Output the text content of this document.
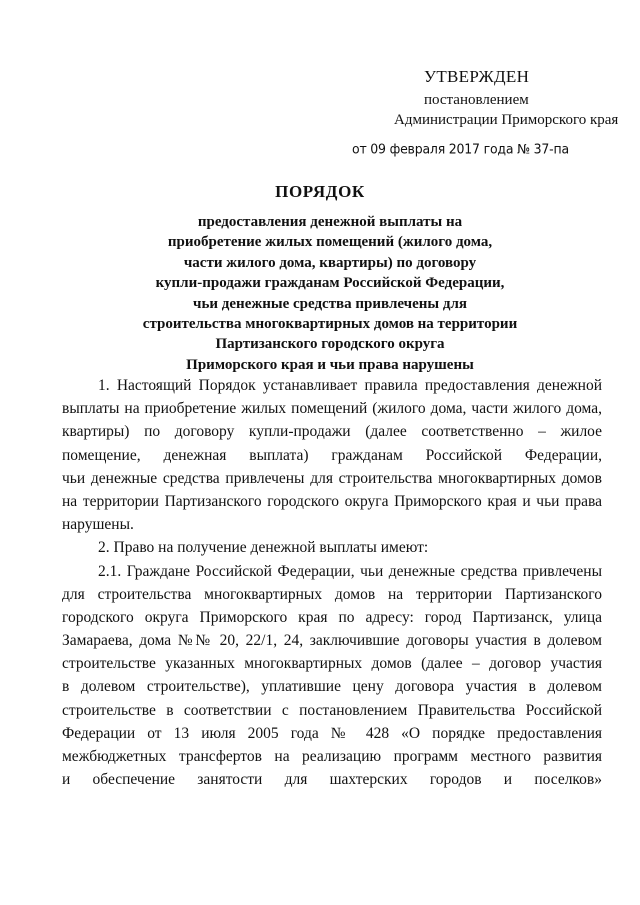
УТВЕРЖДЕН
постановлением
Администрации Приморского края
от 09 февраля 2017 года № 37-па
ПОРЯДОК
предоставления денежной выплаты на
приобретение жилых помещений (жилого дома,
части жилого дома, квартиры) по договору
купли-продажи гражданам Российской Федерации,
чьи денежные средства привлечены для
строительства многоквартирных домов на территории
Партизанского городского округа
Приморского края и чьи права нарушены
1. Настоящий Порядок устанавливает правила предоставления денежной
выплаты на приобретение жилых помещений (жилого дома, части жилого дома,
квартиры) по договору купли-продажи (далее соответственно – жилое
помещение, денежная выплата) гражданам Российской Федерации,
чьи денежные средства привлечены для строительства многоквартирных домов
на территории Партизанского городского округа Приморского края и чьи права
нарушены.
2. Право на получение денежной выплаты имеют:
2.1. Граждане Российской Федерации, чьи денежные средства привлечены
для строительства многоквартирных домов на территории Партизанского
городского округа Приморского края по адресу: город Партизанск, улица
Замараева, дома №№ 20, 22/1, 24, заключившие договоры участия в долевом
строительстве указанных многоквартирных домов (далее – договор участия
в долевом строительстве), уплатившие цену договора участия в долевом
строительстве в соответствии с постановлением Правительства Российской
Федерации от 13 июля 2005 года № 428 «О порядке предоставления
межбюджетных трансфертов на реализацию программ местного развития
и обеспечение занятости для шахтерских городов и поселков»
